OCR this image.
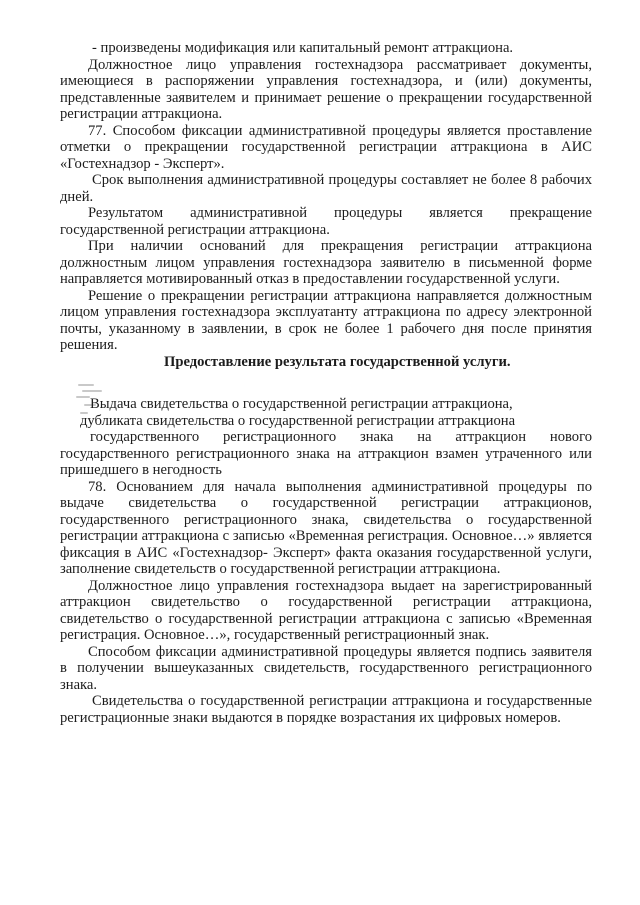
- произведены модификация или капитальный ремонт аттракциона.

Должностное лицо управления гостехнадзора рассматривает документы, имеющиеся в распоряжении управления гостехнадзора, и (или) документы, представленные заявителем и принимает решение о прекращении государственной регистрации аттракциона.

77. Способом фиксации административной процедуры является проставление отметки о прекращении государственной регистрации аттракциона в АИС «Гостехнадзор - Эксперт».

Срок выполнения административной процедуры составляет не более 8 рабочих дней.

Результатом административной процедуры является прекращение государственной регистрации аттракциона.

При наличии оснований для прекращения регистрации аттракциона должностным лицом управления гостехнадзора заявителю в письменной форме направляется мотивированный отказ в предоставлении государственной услуги.

Решение о прекращении регистрации аттракциона направляется должностным лицом управления гостехнадзора эксплуатанту аттракциона по адресу электронной почты, указанному в заявлении, в срок не более 1 рабочего дня после принятия решения.

Предоставление результата государственной услуги.

Выдача свидетельства о государственной регистрации аттракциона,

дубликата свидетельства о государственной регистрации аттракциона

государственного регистрационного знака на аттракцион нового

государственного регистрационного знака на аттракцион взамен утраченного или пришедшего в негодность

78. Основанием для начала выполнения административной процедуры по выдаче свидетельства о государственной регистрации аттракционов, государственного регистрационного знака, свидетельства о государственной регистрации аттракциона с записью «Временная регистрация. Основное…» является фиксация в АИС «Гостехнадзор- Эксперт» факта оказания государственной услуги, заполнение свидетельств о государственной регистрации аттракциона.

Должностное лицо управления гостехнадзора выдает на зарегистрированный аттракцион свидетельство о государственной регистрации аттракциона, свидетельство о государственной регистрации аттракциона с записью «Временная регистрация. Основное…», государственный регистрационный знак.

Способом фиксации административной процедуры является подпись заявителя в получении вышеуказанных свидетельств, государственного регистрационного знака.

Свидетельства о государственной регистрации аттракциона и государственные регистрационные знаки выдаются в порядке возрастания их цифровых номеров.
